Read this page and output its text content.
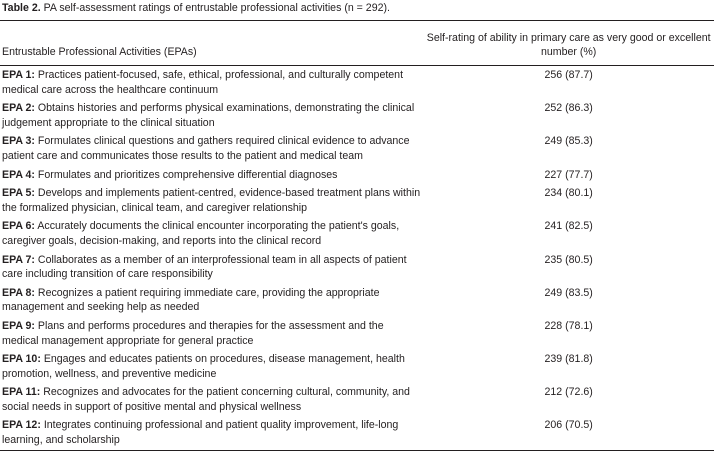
Table 2. PA self-assessment ratings of entrustable professional activities (n = 292).
Entrustable Professional Activities (EPAs)	Self-rating of ability in primary care as very good or excellent number (%)
EPA 1: Practices patient-focused, safe, ethical, professional, and culturally competent medical care across the healthcare continuum	256 (87.7)
EPA 2: Obtains histories and performs physical examinations, demonstrating the clinical judgement appropriate to the clinical situation	252 (86.3)
EPA 3: Formulates clinical questions and gathers required clinical evidence to advance patient care and communicates those results to the patient and medical team	249 (85.3)
EPA 4: Formulates and prioritizes comprehensive differential diagnoses	227 (77.7)
EPA 5: Develops and implements patient-centred, evidence-based treatment plans within the formalized physician, clinical team, and caregiver relationship	234 (80.1)
EPA 6: Accurately documents the clinical encounter incorporating the patient's goals, caregiver goals, decision-making, and reports into the clinical record	241 (82.5)
EPA 7: Collaborates as a member of an interprofessional team in all aspects of patient care including transition of care responsibility	235 (80.5)
EPA 8: Recognizes a patient requiring immediate care, providing the appropriate management and seeking help as needed	249 (83.5)
EPA 9: Plans and performs procedures and therapies for the assessment and the medical management appropriate for general practice	228 (78.1)
EPA 10: Engages and educates patients on procedures, disease management, health promotion, wellness, and preventive medicine	239 (81.8)
EPA 11: Recognizes and advocates for the patient concerning cultural, community, and social needs in support of positive mental and physical wellness	212 (72.6)
EPA 12: Integrates continuing professional and patient quality improvement, life-long learning, and scholarship	206 (70.5)
